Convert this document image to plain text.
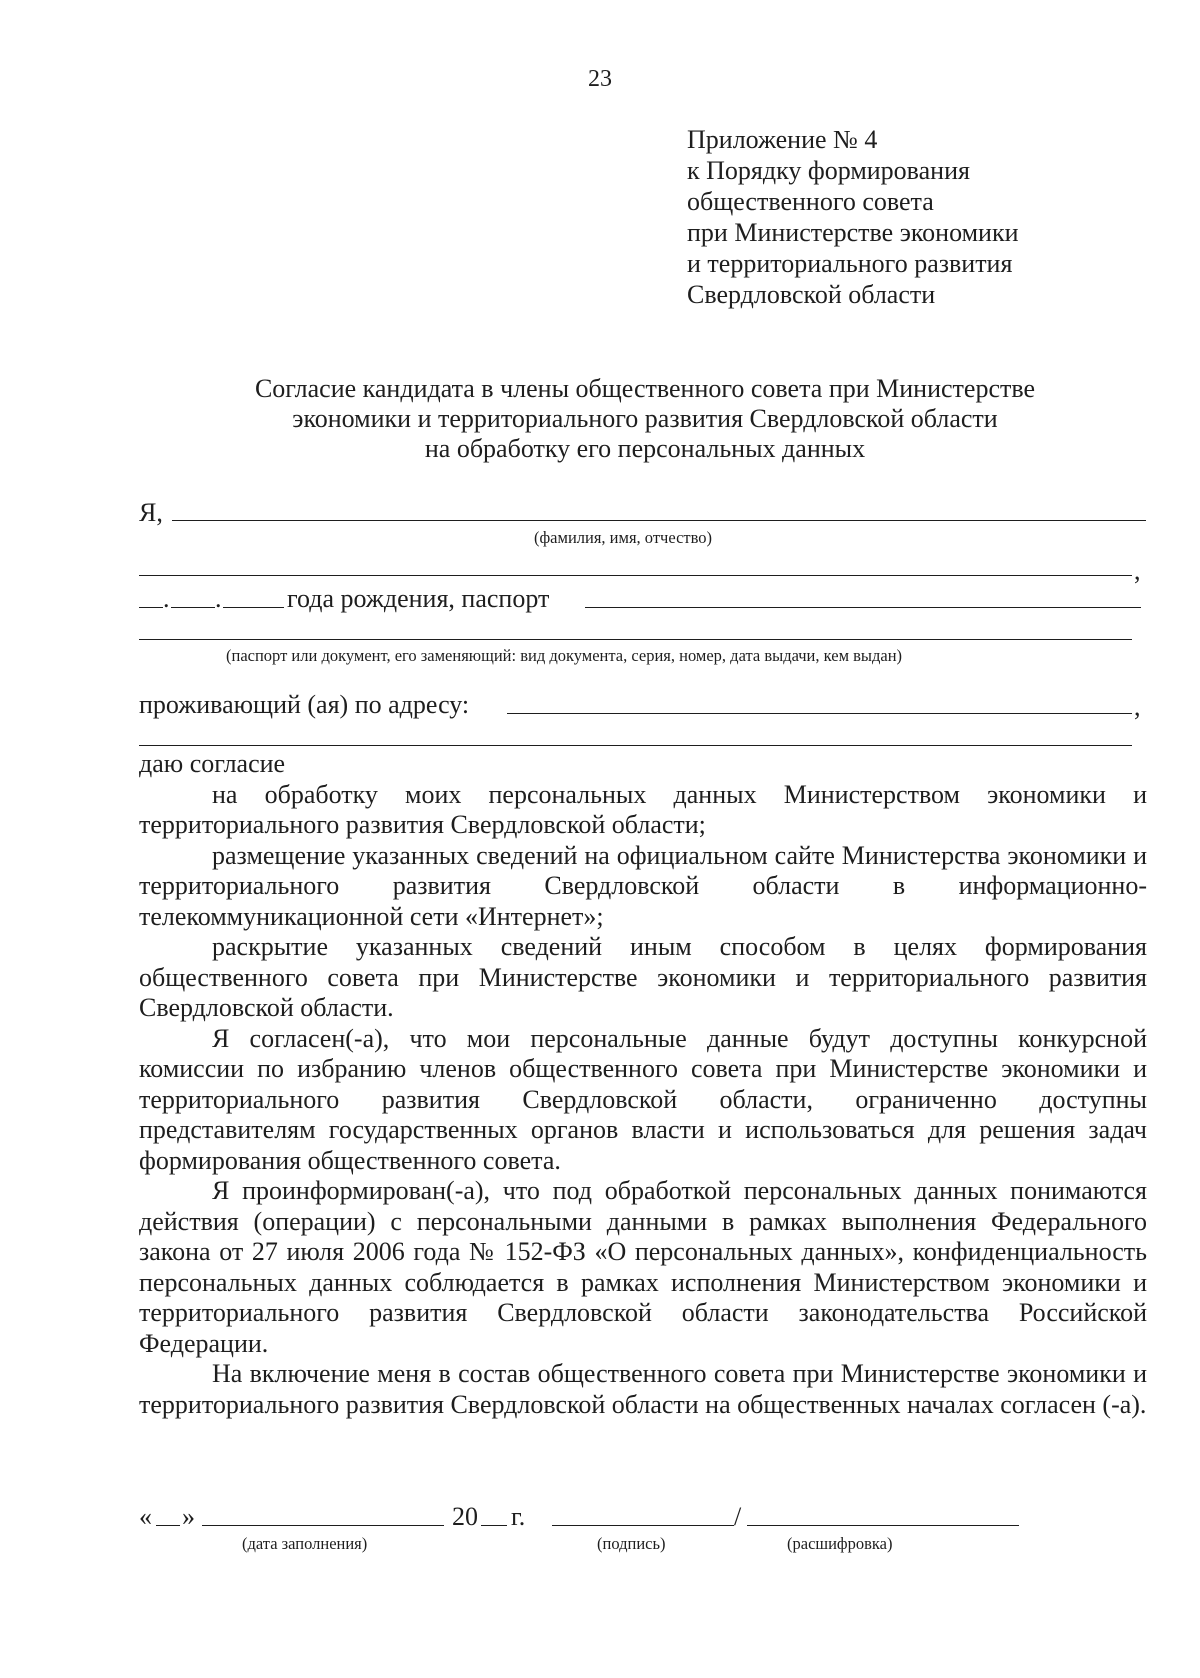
23
Приложение № 4
к Порядку формирования
общественного совета
при Министерстве экономики
и территориального развития
Свердловской области
Согласие кандидата в члены общественного совета при Министерстве
экономики и территориального развития Свердловской области
на обработку его персональных данных
Я,
(фамилия, имя, отчество)
,
. .	года рождения, паспорт
(паспорт или документ, его заменяющий: вид документа, серия, номер, дата выдачи, кем выдан)
проживающий (ая) по адресу:	,

даю согласие

на обработку моих персональных данных Министерством экономики и территориального развития Свердловской области;

размещение указанных сведений на официальном сайте Министерства экономики и территориального развития Свердловской области в информационно-телекоммуникационной сети «Интернет»;

раскрытие указанных сведений иным способом в целях формирования общественного совета при Министерстве экономики и территориального развития Свердловской области.

Я согласен(-а), что мои персональные данные будут доступны конкурсной комиссии по избранию членов общественного совета при Министерстве экономики и территориального развития Свердловской области, ограниченно доступны представителям государственных органов власти и использоваться для решения задач формирования общественного совета.

Я проинформирован(-а), что под обработкой персональных данных понимаются действия (операции) с персональными данными в рамках выполнения Федерального закона от 27 июля 2006 года № 152-ФЗ «О персональных данных», конфиденциальность персональных данных соблюдается в рамках исполнения Министерством экономики и территориального развития Свердловской области законодательства Российской Федерации.

На включение меня в состав общественного совета при Министерстве экономики и территориального развития Свердловской области на общественных началах согласен (-а).

« »	20 г.	/
(дата заполнения)	(подпись)	(расшифровка)
